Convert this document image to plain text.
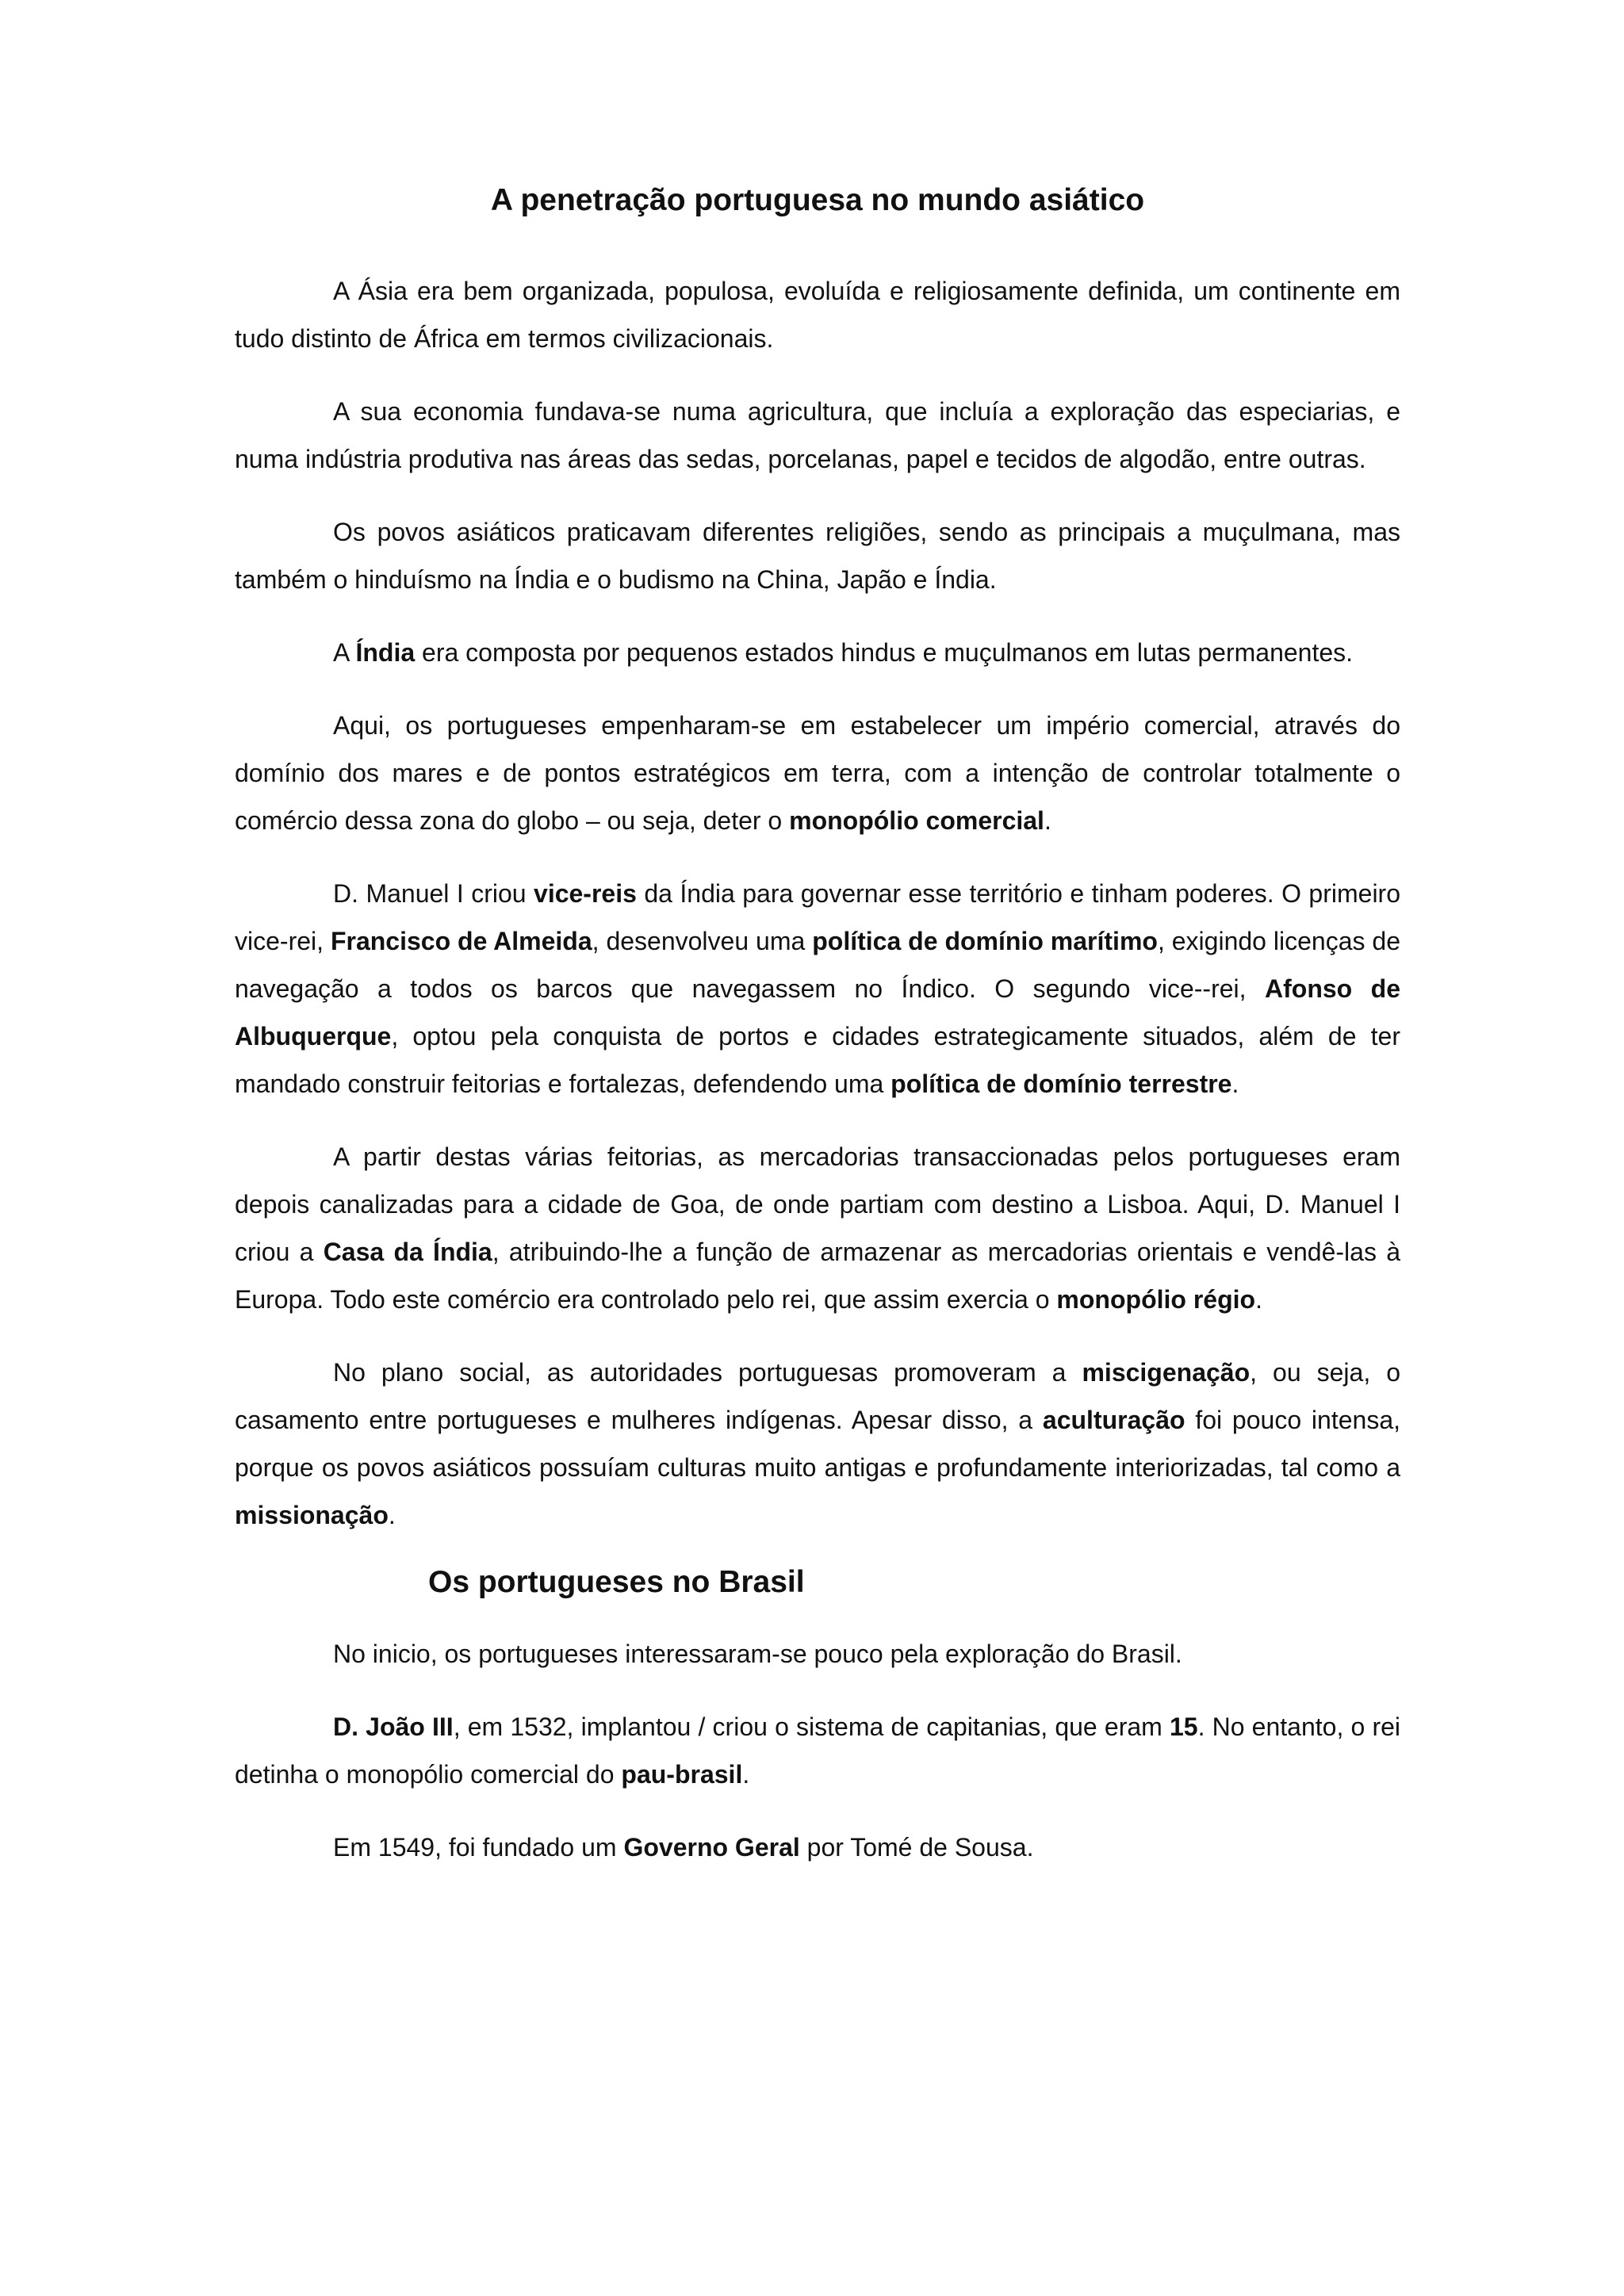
A penetração portuguesa no mundo asiático

A Ásia era bem organizada, populosa, evoluída e religiosamente definida, um continente em tudo distinto de África em termos civilizacionais.

A sua economia fundava-se numa agricultura, que incluía a exploração das especiarias, e numa indústria produtiva nas áreas das sedas, porcelanas, papel e tecidos de algodão, entre outras.

Os povos asiáticos praticavam diferentes religiões, sendo as principais a muçulmana, mas também o hinduísmo na Índia e o budismo na China, Japão e Índia.

A Índia era composta por pequenos estados hindus e muçulmanos em lutas permanentes.

Aqui, os portugueses empenharam-se em estabelecer um império comercial, através do domínio dos mares e de pontos estratégicos em terra, com a intenção de controlar totalmente o comércio dessa zona do globo – ou seja, deter o monopólio comercial.

D. Manuel I criou vice-reis da Índia para governar esse território e tinham poderes. O primeiro vice-rei, Francisco de Almeida, desenvolveu uma política de domínio marítimo, exigindo licenças de navegação a todos os barcos que navegassem no Índico. O segundo vice--rei, Afonso de Albuquerque, optou pela conquista de portos e cidades estrategicamente situados, além de ter mandado construir feitorias e fortalezas, defendendo uma política de domínio terrestre.

A partir destas várias feitorias, as mercadorias transaccionadas pelos portugueses eram depois canalizadas para a cidade de Goa, de onde partiam com destino a Lisboa. Aqui, D. Manuel I criou a Casa da Índia, atribuindo-lhe a função de armazenar as mercadorias orientais e vendê-las à Europa. Todo este comércio era controlado pelo rei, que assim exercia o monopólio régio.

No plano social, as autoridades portuguesas promoveram a miscigenação, ou seja, o casamento entre portugueses e mulheres indígenas. Apesar disso, a aculturação foi pouco intensa, porque os povos asiáticos possuíam culturas muito antigas e profundamente interiorizadas, tal como a missionação.

Os portugueses no Brasil

No inicio, os portugueses interessaram-se pouco pela exploração do Brasil.

D. João III, em 1532, implantou / criou o sistema de capitanias, que eram 15. No entanto, o rei detinha o monopólio comercial do pau-brasil.

Em 1549, foi fundado um Governo Geral por Tomé de Sousa.
